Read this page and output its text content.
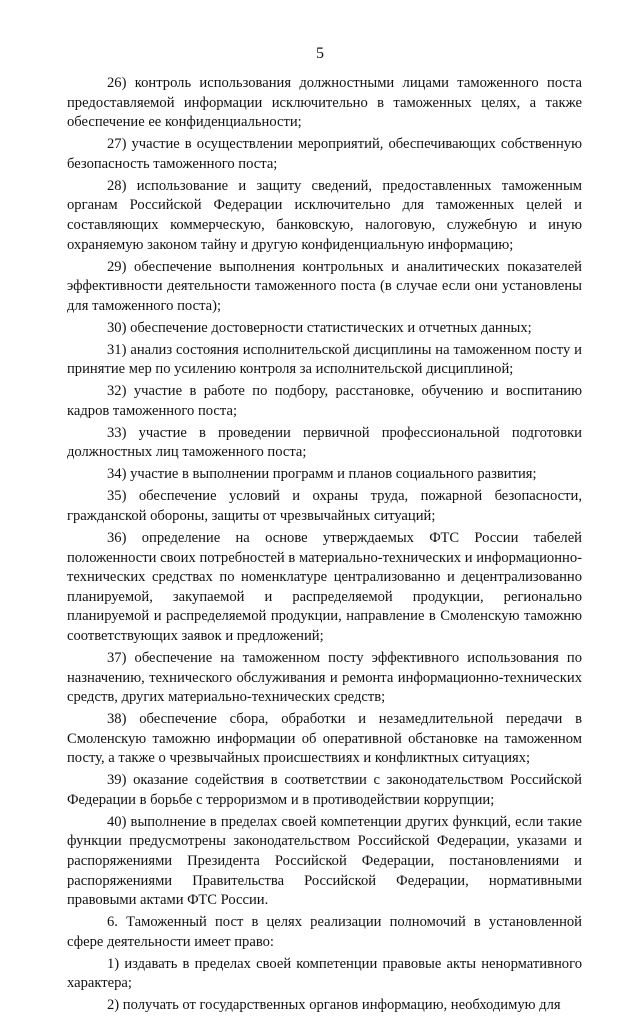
5

26) контроль использования должностными лицами таможенного поста предоставляемой информации исключительно в таможенных целях, а также обеспечение ее конфиденциальности;

27) участие в осуществлении мероприятий, обеспечивающих собственную безопасность таможенного поста;

28) использование и защиту сведений, предоставленных таможенным органам Российской Федерации исключительно для таможенных целей и составляющих коммерческую, банковскую, налоговую, служебную и иную охраняемую законом тайну и другую конфиденциальную информацию;

29) обеспечение выполнения контрольных и аналитических показателей эффективности деятельности таможенного поста (в случае если они установлены для таможенного поста);

30) обеспечение достоверности статистических и отчетных данных;

31) анализ состояния исполнительской дисциплины на таможенном посту и принятие мер по усилению контроля за исполнительской дисциплиной;

32) участие в работе по подбору, расстановке, обучению и воспитанию кадров таможенного поста;

33) участие в проведении первичной профессиональной подготовки должностных лиц таможенного поста;

34) участие в выполнении программ и планов социального развития;

35) обеспечение условий и охраны труда, пожарной безопасности, гражданской обороны, защиты от чрезвычайных ситуаций;

36) определение на основе утверждаемых ФТС России табелей положенности своих потребностей в материально-технических и информационно-технических средствах по номенклатуре централизованно и децентрализованно планируемой, закупаемой и распределяемой продукции, регионально планируемой и распределяемой продукции, направление в Смоленскую таможню соответствующих заявок и предложений;

37) обеспечение на таможенном посту эффективного использования по назначению, технического обслуживания и ремонта информационно-технических средств, других материально-технических средств;

38) обеспечение сбора, обработки и незамедлительной передачи в Смоленскую таможню информации об оперативной обстановке на таможенном посту, а также о чрезвычайных происшествиях и конфликтных ситуациях;

39) оказание содействия в соответствии с законодательством Российской Федерации в борьбе с терроризмом и в противодействии коррупции;

40) выполнение в пределах своей компетенции других функций, если такие функции предусмотрены законодательством Российской Федерации, указами и распоряжениями Президента Российской Федерации, постановлениями и распоряжениями Правительства Российской Федерации, нормативными правовыми актами ФТС России.

6. Таможенный пост в целях реализации полномочий в установленной сфере деятельности имеет право:

1) издавать в пределах своей компетенции правовые акты ненормативного характера;

2) получать от государственных органов информацию, необходимую для
